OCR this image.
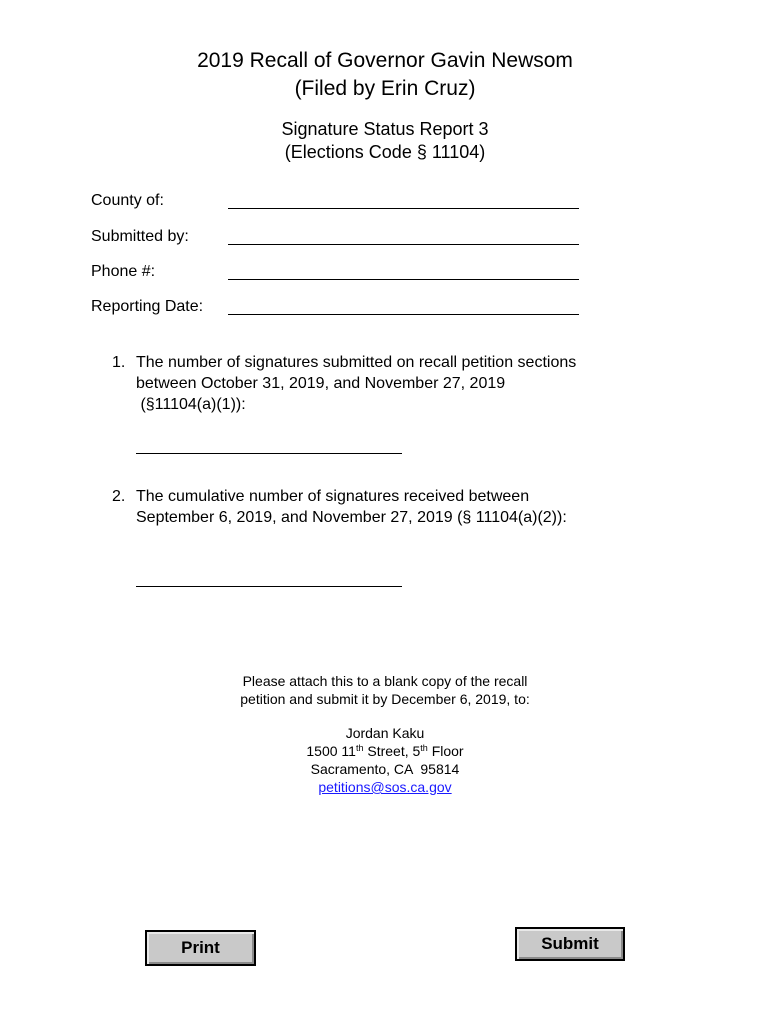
2019 Recall of Governor Gavin Newsom
(Filed by Erin Cruz)
Signature Status Report 3
(Elections Code § 11104)
County of:
Submitted by:
Phone #:
Reporting Date:
1. The number of signatures submitted on recall petition sections
between October 31, 2019, and November 27, 2019
(§11104(a)(1)):
2. The cumulative number of signatures received between
September 6, 2019, and November 27, 2019 (§ 11104(a)(2)):
Please attach this to a blank copy of the recall
petition and submit it by December 6, 2019, to:
Jordan Kaku
1500 11th Street, 5th Floor
Sacramento, CA  95814
petitions@sos.ca.gov
Print	Submit
